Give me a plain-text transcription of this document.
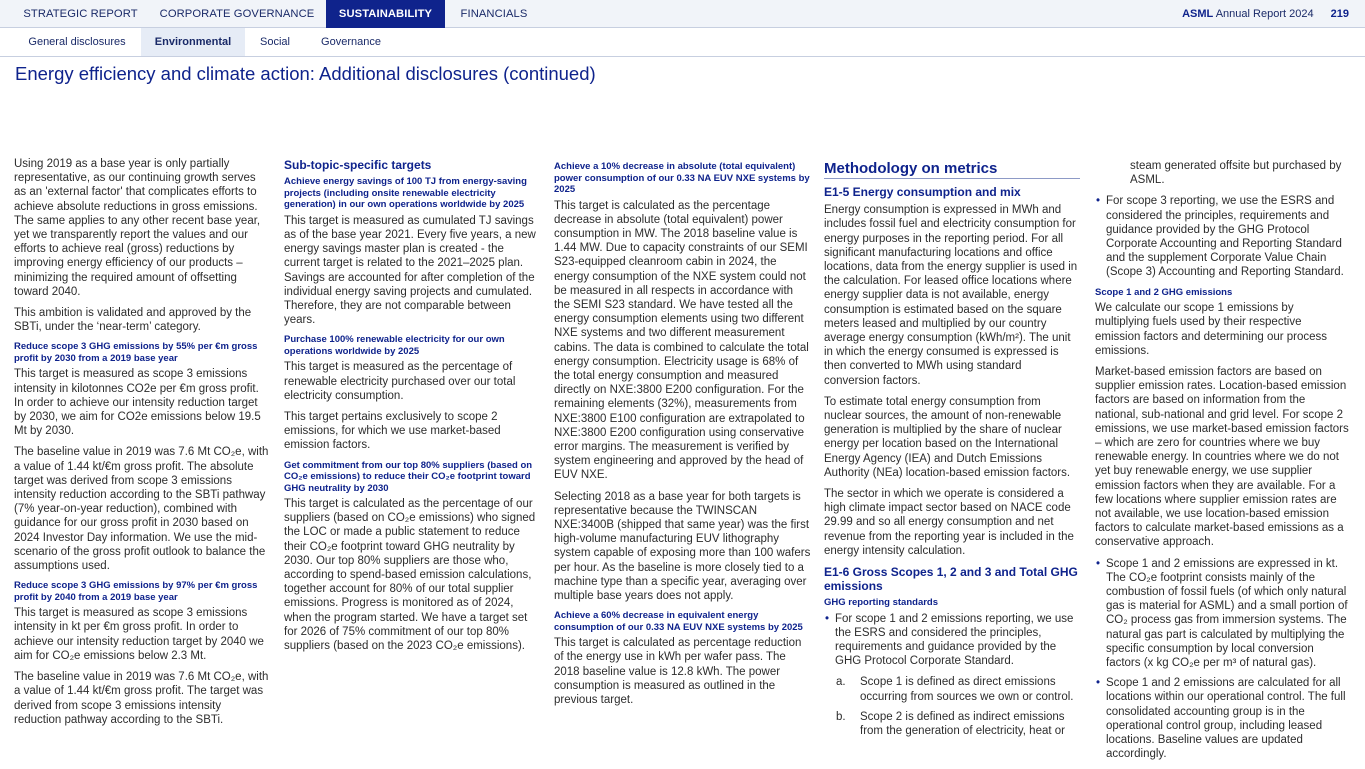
STRATEGIC REPORT	CORPORATE GOVERNANCE	SUSTAINABILITY	FINANCIALS	ASML Annual Report 2024 219
General disclosures	Environmental	Social	Governance
Energy efficiency and climate action: Additional disclosures (continued)

Using 2019 as a base year is only partially representative, as our continuing growth serves as an 'external factor' that complicates efforts to achieve absolute reductions in gross emissions. The same applies to any other recent base year, yet we transparently report the values and our efforts to achieve real (gross) reductions by improving energy efficiency of our products – minimizing the required amount of offsetting toward 2040.

This ambition is validated and approved by the SBTi, under the ‘near-term’ category.

Reduce scope 3 GHG emissions by 55% per €m gross profit by 2030 from a 2019 base year

This target is measured as scope 3 emissions intensity in kilotonnes CO2e per €m gross profit. In order to achieve our intensity reduction target by 2030, we aim for CO2e emissions below 19.5 Mt by 2030.

The baseline value in 2019 was 7.6 Mt CO₂e, with a value of 1.44 kt/€m gross profit. The absolute target was derived from scope 3 emissions intensity reduction according to the SBTi pathway (7% year-on-year reduction), combined with guidance for our gross profit in 2030 based on 2024 Investor Day information. We use the mid-scenario of the gross profit outlook to balance the assumptions used.

Reduce scope 3 GHG emissions by 97% per €m gross profit by 2040 from a 2019 base year

This target is measured as scope 3 emissions intensity in kt per €m gross profit. In order to achieve our intensity reduction target by 2040 we aim for CO₂e emissions below 2.3 Mt.

The baseline value in 2019 was 7.6 Mt CO₂e, with a value of 1.44 kt/€m gross profit. The target was derived from scope 3 emissions intensity reduction pathway according to the SBTi.

Sub-topic-specific targets
Achieve energy savings of 100 TJ from energy-saving projects (including onsite renewable electricity generation) in our own operations worldwide by 2025

This target is measured as cumulated TJ savings as of the base year 2021. Every five years, a new energy savings master plan is created - the current target is related to the 2021–2025 plan. Savings are accounted for after completion of the individual energy saving projects and cumulated. Therefore, they are not comparable between years.

Purchase 100% renewable electricity for our own operations worldwide by 2025

This target is measured as the percentage of renewable electricity purchased over our total electricity consumption.

This target pertains exclusively to scope 2 emissions, for which we use market-based emission factors.

Get commitment from our top 80% suppliers (based on CO₂e emissions) to reduce their CO₂e footprint toward GHG neutrality by 2030

This target is calculated as the percentage of our suppliers (based on CO₂e emissions) who signed the LOC or made a public statement to reduce their CO₂e footprint toward GHG neutrality by 2030. Our top 80% suppliers are those who, according to spend-based emission calculations, together account for 80% of our total supplier emissions. Progress is monitored as of 2024, when the program started. We have a target set for 2026 of 75% commitment of our top 80% suppliers (based on the 2023 CO₂e emissions).

Achieve a 10% decrease in absolute (total equivalent) power consumption of our 0.33 NA EUV NXE systems by 2025

This target is calculated as the percentage decrease in absolute (total equivalent) power consumption in MW. The 2018 baseline value is 1.44 MW. Due to capacity constraints of our SEMI S23-equipped cleanroom cabin in 2024, the energy consumption of the NXE system could not be measured in all respects in accordance with the SEMI S23 standard. We have tested all the energy consumption elements using two different NXE systems and two different measurement cabins. The data is combined to calculate the total energy consumption. Electricity usage is 68% of the total energy consumption and measured directly on NXE:3800 E200 configuration. For the remaining elements (32%), measurements from NXE:3800 E100 configuration are extrapolated to NXE:3800 E200 configuration using conservative error margins. The measurement is verified by system engineering and approved by the head of EUV NXE.

Selecting 2018 as a base year for both targets is representative because the TWINSCAN NXE:3400B (shipped that same year) was the first high-volume manufacturing EUV lithography system capable of exposing more than 100 wafers per hour. As the baseline is more closely tied to a machine type than a specific year, averaging over multiple base years does not apply.

Achieve a 60% decrease in equivalent energy consumption of our 0.33 NA EUV NXE systems by 2025

This target is calculated as percentage reduction of the energy use in kWh per wafer pass. The 2018 baseline value is 12.8 kWh. The power consumption is measured as outlined in the previous target.

Methodology on metrics
E1-5 Energy consumption and mix

Energy consumption is expressed in MWh and includes fossil fuel and electricity consumption for energy purposes in the reporting period. For all significant manufacturing locations and office locations, data from the energy supplier is used in the calculation. For leased office locations where energy supplier data is not available, energy consumption is estimated based on the square meters leased and multiplied by our country average energy consumption (kWh/m²). The unit in which the energy consumed is expressed is then converted to MWh using standard conversion factors.

To estimate total energy consumption from nuclear sources, the amount of non-renewable generation is multiplied by the share of nuclear energy per location based on the International Energy Agency (IEA) and Dutch Emissions Authority (NEa) location-based emission factors.

The sector in which we operate is considered a high climate impact sector based on NACE code 29.99 and so all energy consumption and net revenue from the reporting year is included in the energy intensity calculation.

E1-6 Gross Scopes 1, 2 and 3 and Total GHG emissions
GHG reporting standards
• For scope 1 and 2 emissions reporting, we use the ESRS and considered the principles, requirements and guidance provided by the GHG Protocol Corporate Standard.
a. Scope 1 is defined as direct emissions occurring from sources we own or control.
b. Scope 2 is defined as indirect emissions from the generation of electricity, heat or

steam generated offsite but purchased by ASML.

• For scope 3 reporting, we use the ESRS and considered the principles, requirements and guidance provided by the GHG Protocol Corporate Accounting and Reporting Standard and the supplement Corporate Value Chain (Scope 3) Accounting and Reporting Standard.
Scope 1 and 2 GHG emissions

We calculate our scope 1 emissions by multiplying fuels used by their respective emission factors and determining our process emissions.

Market-based emission factors are based on supplier emission rates. Location-based emission factors are based on information from the national, sub-national and grid level. For scope 2 emissions, we use market-based emission factors – which are zero for countries where we buy renewable energy. In countries where we do not yet buy renewable energy, we use supplier emission factors when they are available. For a few locations where supplier emission rates are not available, we use location-based emission factors to calculate market-based emissions as a conservative approach.

• Scope 1 and 2 emissions are expressed in kt. The CO₂e footprint consists mainly of the combustion of fossil fuels (of which only natural gas is material for ASML) and a small portion of CO₂ process gas from immersion systems. The natural gas part is calculated by multiplying the specific consumption by local conversion factors (x kg CO₂e per m³ of natural gas).
• Scope 1 and 2 emissions are calculated for all locations within our operational control. The full consolidated accounting group is in the operational control group, including leased locations. Baseline values are updated accordingly.
